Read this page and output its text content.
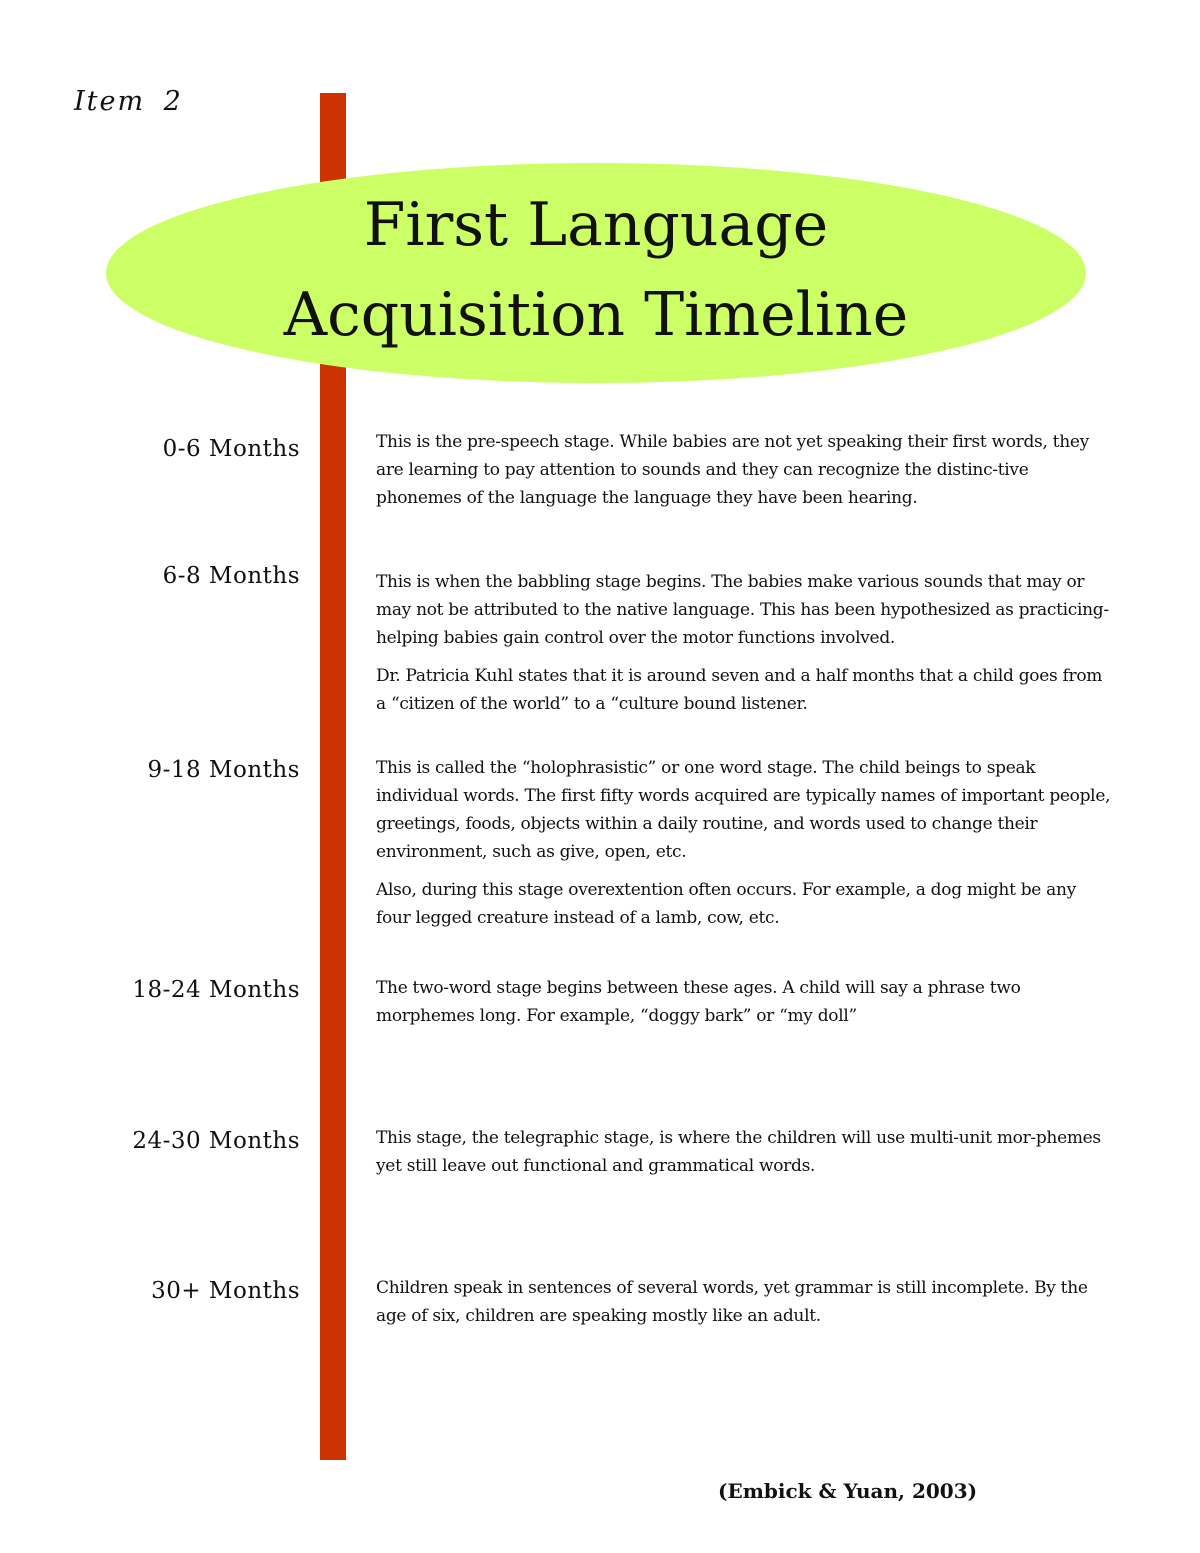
Item 2
First Language
Acquisition Timeline
0-6 Months	This is the pre-speech stage. While babies are not yet speaking their first words, they are learning to pay attention to sounds and they can recognize the distinc-tive phonemes of the language the language they have been hearing.

6-8 Months	This is when the babbling stage begins. The babies make various sounds that may or may not be attributed to the native language. This has been hypothesized as practicing-helping babies gain control over the motor functions involved.

Dr. Patricia Kuhl states that it is around seven and a half months that a child goes from a “citizen of the world” to a “culture bound listener.

9-18 Months	This is called the “holophrasistic” or one word stage. The child beings to speak individual words. The first fifty words acquired are typically names of important people, greetings, foods, objects within a daily routine, and words used to change their environment, such as give, open, etc.

Also, during this stage overextention often occurs. For example, a dog might be any four legged creature instead of a lamb, cow, etc.

18-24 Months	The two-word stage begins between these ages. A child will say a phrase two morphemes long. For example, “doggy bark” or “my doll”

24-30 Months	This stage, the telegraphic stage, is where the children will use multi-unit mor-phemes yet still leave out functional and grammatical words.

30+ Months	Children speak in sentences of several words, yet grammar is still incomplete. By the age of six, children are speaking mostly like an adult.

(Embick & Yuan, 2003)
